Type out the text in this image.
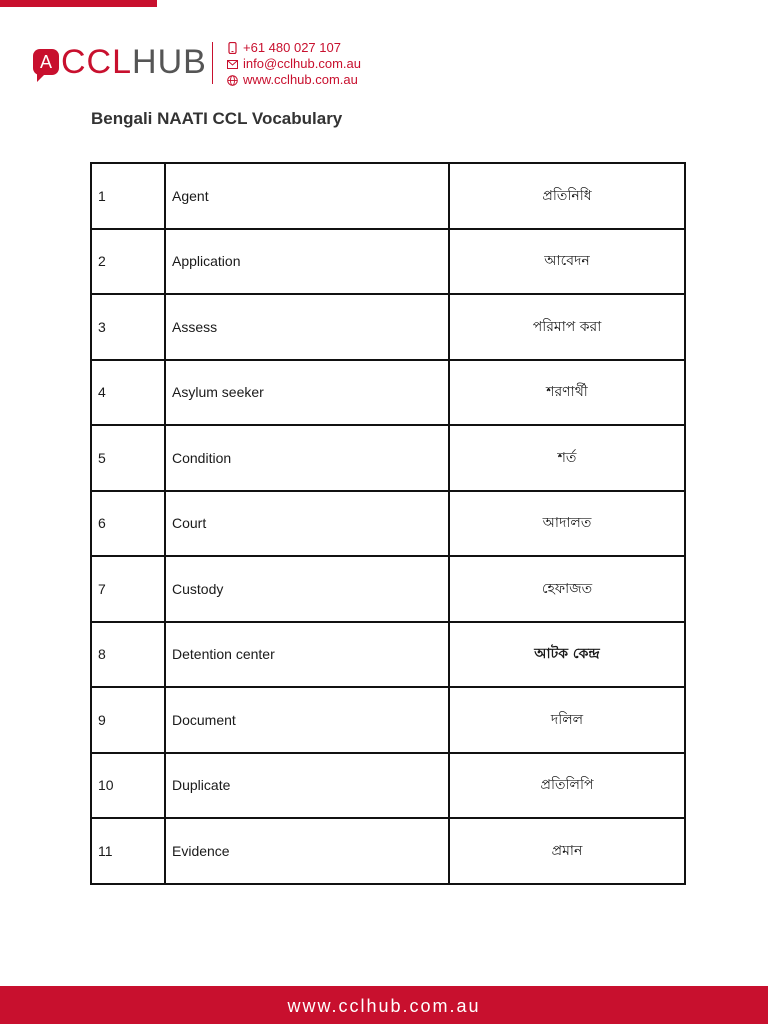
A CCL HUB	+61 480 027 107
info@cclhub.com.au
www.cclhub.com.au
Bengali NAATI CCL Vocabulary
1	Agent	প্রতিনিধি
2	Application	আবেদন
3	Assess	পরিমাপ করা
4	Asylum seeker	শরণার্থী
5	Condition	শর্ত
6	Court	আদালত
7	Custody	হেফাজত
8	Detention center	আটক কেন্দ্র
9	Document	দলিল
10	Duplicate	প্রতিলিপি
11	Evidence	প্রমান
www.cclhub.com.au
